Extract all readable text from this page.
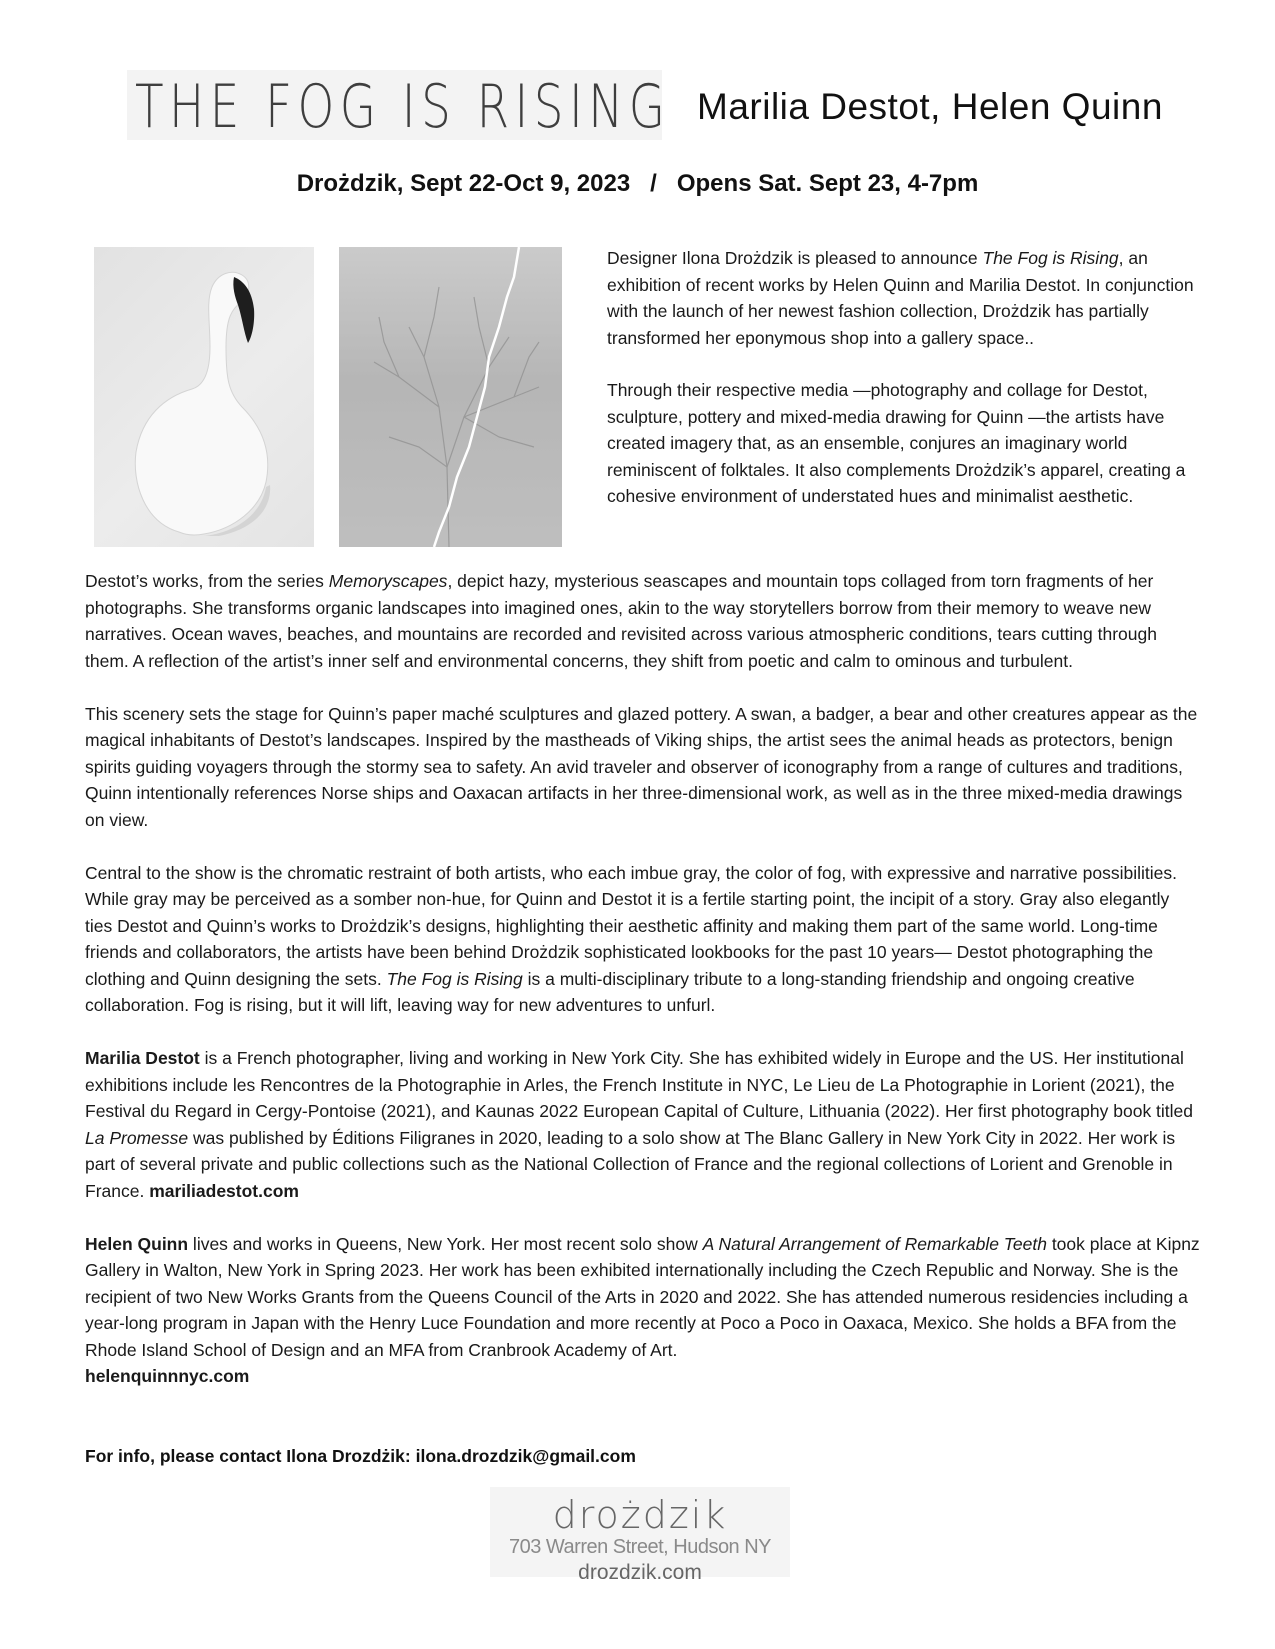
THE FOG IS RISING Marilia Destot, Helen Quinn
Drożdzik, Sept 22-Oct 9, 2023   /   Opens Sat. Sept 23, 4-7pm

Designer Ilona Drożdzik is pleased to announce The Fog is Rising, an exhibition of recent works by Helen Quinn and Marilia Destot. In conjunction with the launch of her newest fashion collection, Drożdzik has partially transformed her eponymous shop into a gallery space..

Through their respective media —photography and collage for Destot, sculpture, pottery and mixed-media drawing for Quinn —the artists have created imagery that, as an ensemble, conjures an imaginary world reminiscent of folktales. It also complements Drożdzik’s apparel, creating a cohesive environment of understated hues and minimalist aesthetic.

Destot’s works, from the series Memoryscapes, depict hazy, mysterious seascapes and mountain tops collaged from torn fragments of her photographs. She transforms organic landscapes into imagined ones, akin to the way storytellers borrow from their memory to weave new narratives. Ocean waves, beaches, and mountains are recorded and revisited across various atmospheric conditions, tears cutting through them. A reflection of the artist’s inner self and environmental concerns, they shift from poetic and calm to ominous and turbulent.

This scenery sets the stage for Quinn’s paper maché sculptures and glazed pottery. A swan, a badger, a bear and other creatures appear as the magical inhabitants of Destot’s landscapes. Inspired by the mastheads of Viking ships, the artist sees the animal heads as protectors, benign spirits guiding voyagers through the stormy sea to safety. An avid traveler and observer of iconography from a range of cultures and traditions, Quinn intentionally references Norse ships and Oaxacan artifacts in her three-dimensional work, as well as in the three mixed-media drawings on view.

Central to the show is the chromatic restraint of both artists, who each imbue gray, the color of fog, with expressive and narrative possibilities. While gray may be perceived as a somber non-hue, for Quinn and Destot it is a fertile starting point, the incipit of a story. Gray also elegantly ties Destot and Quinn’s works to Drożdzik’s designs, highlighting their aesthetic affinity and making them part of the same world. Long-time friends and collaborators, the artists have been behind Drożdzik sophisticated lookbooks for the past 10 years— Destot photographing the clothing and Quinn designing the sets. The Fog is Rising is a multi-disciplinary tribute to a long-standing friendship and ongoing creative collaboration. Fog is rising, but it will lift, leaving way for new adventures to unfurl.

Marilia Destot is a French photographer, living and working in New York City. She has exhibited widely in Europe and the US. Her institutional exhibitions include les Rencontres de la Photographie in Arles, the French Institute in NYC, Le Lieu de La Photographie in Lorient (2021), the Festival du Regard in Cergy-Pontoise (2021), and Kaunas 2022 European Capital of Culture, Lithuania (2022). Her first photography book titled La Promesse was published by Éditions Filigranes in 2020, leading to a solo show at The Blanc Gallery in New York City in 2022. Her work is part of several private and public collections such as the National Collection of France and the regional collections of Lorient and Grenoble in France. mariliadestot.com

Helen Quinn lives and works in Queens, New York. Her most recent solo show A Natural Arrangement of Remarkable Teeth took place at Kipnz Gallery in Walton, New York in Spring 2023. Her work has been exhibited internationally including the Czech Republic and Norway. She is the recipient of two New Works Grants from the Queens Council of the Arts in 2020 and 2022. She has attended numerous residencies including a year-long program in Japan with the Henry Luce Foundation and more recently at Poco a Poco in Oaxaca, Mexico. She holds a BFA from the Rhode Island School of Design and an MFA from Cranbrook Academy of Art.
helenquinnnyc.com

For info, please contact Ilona Drozdżik: ilona.drozdzik@gmail.com
drożdzik
703 Warren Street, Hudson NY
drozdzik.com
